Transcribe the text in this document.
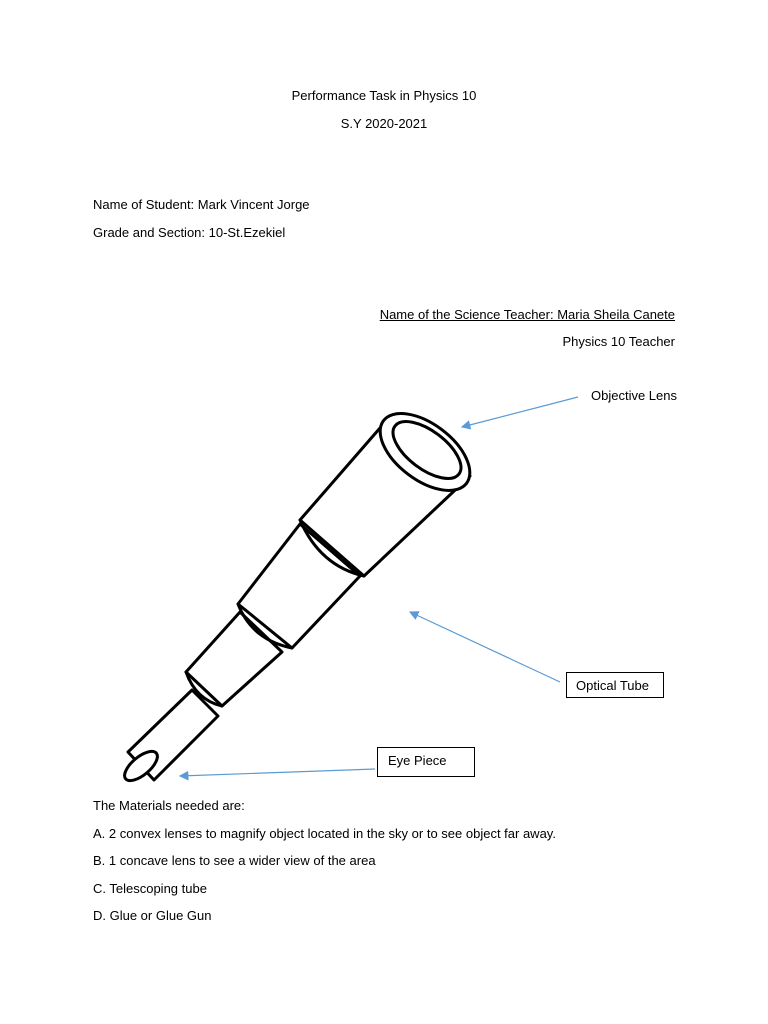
Performance Task in Physics 10
S.Y 2020-2021
Name of Student: Mark Vincent Jorge
Grade and Section: 10-St.Ezekiel
Name of the Science Teacher: Maria Sheila Canete
Physics 10 Teacher
Objective Lens
Optical Tube
Eye Piece
The Materials needed are:
A. 2 convex lenses to magnify object located in the sky or to see object far away.
B. 1 concave lens to see a wider view of the area
C. Telescoping tube
D. Glue or Glue Gun
